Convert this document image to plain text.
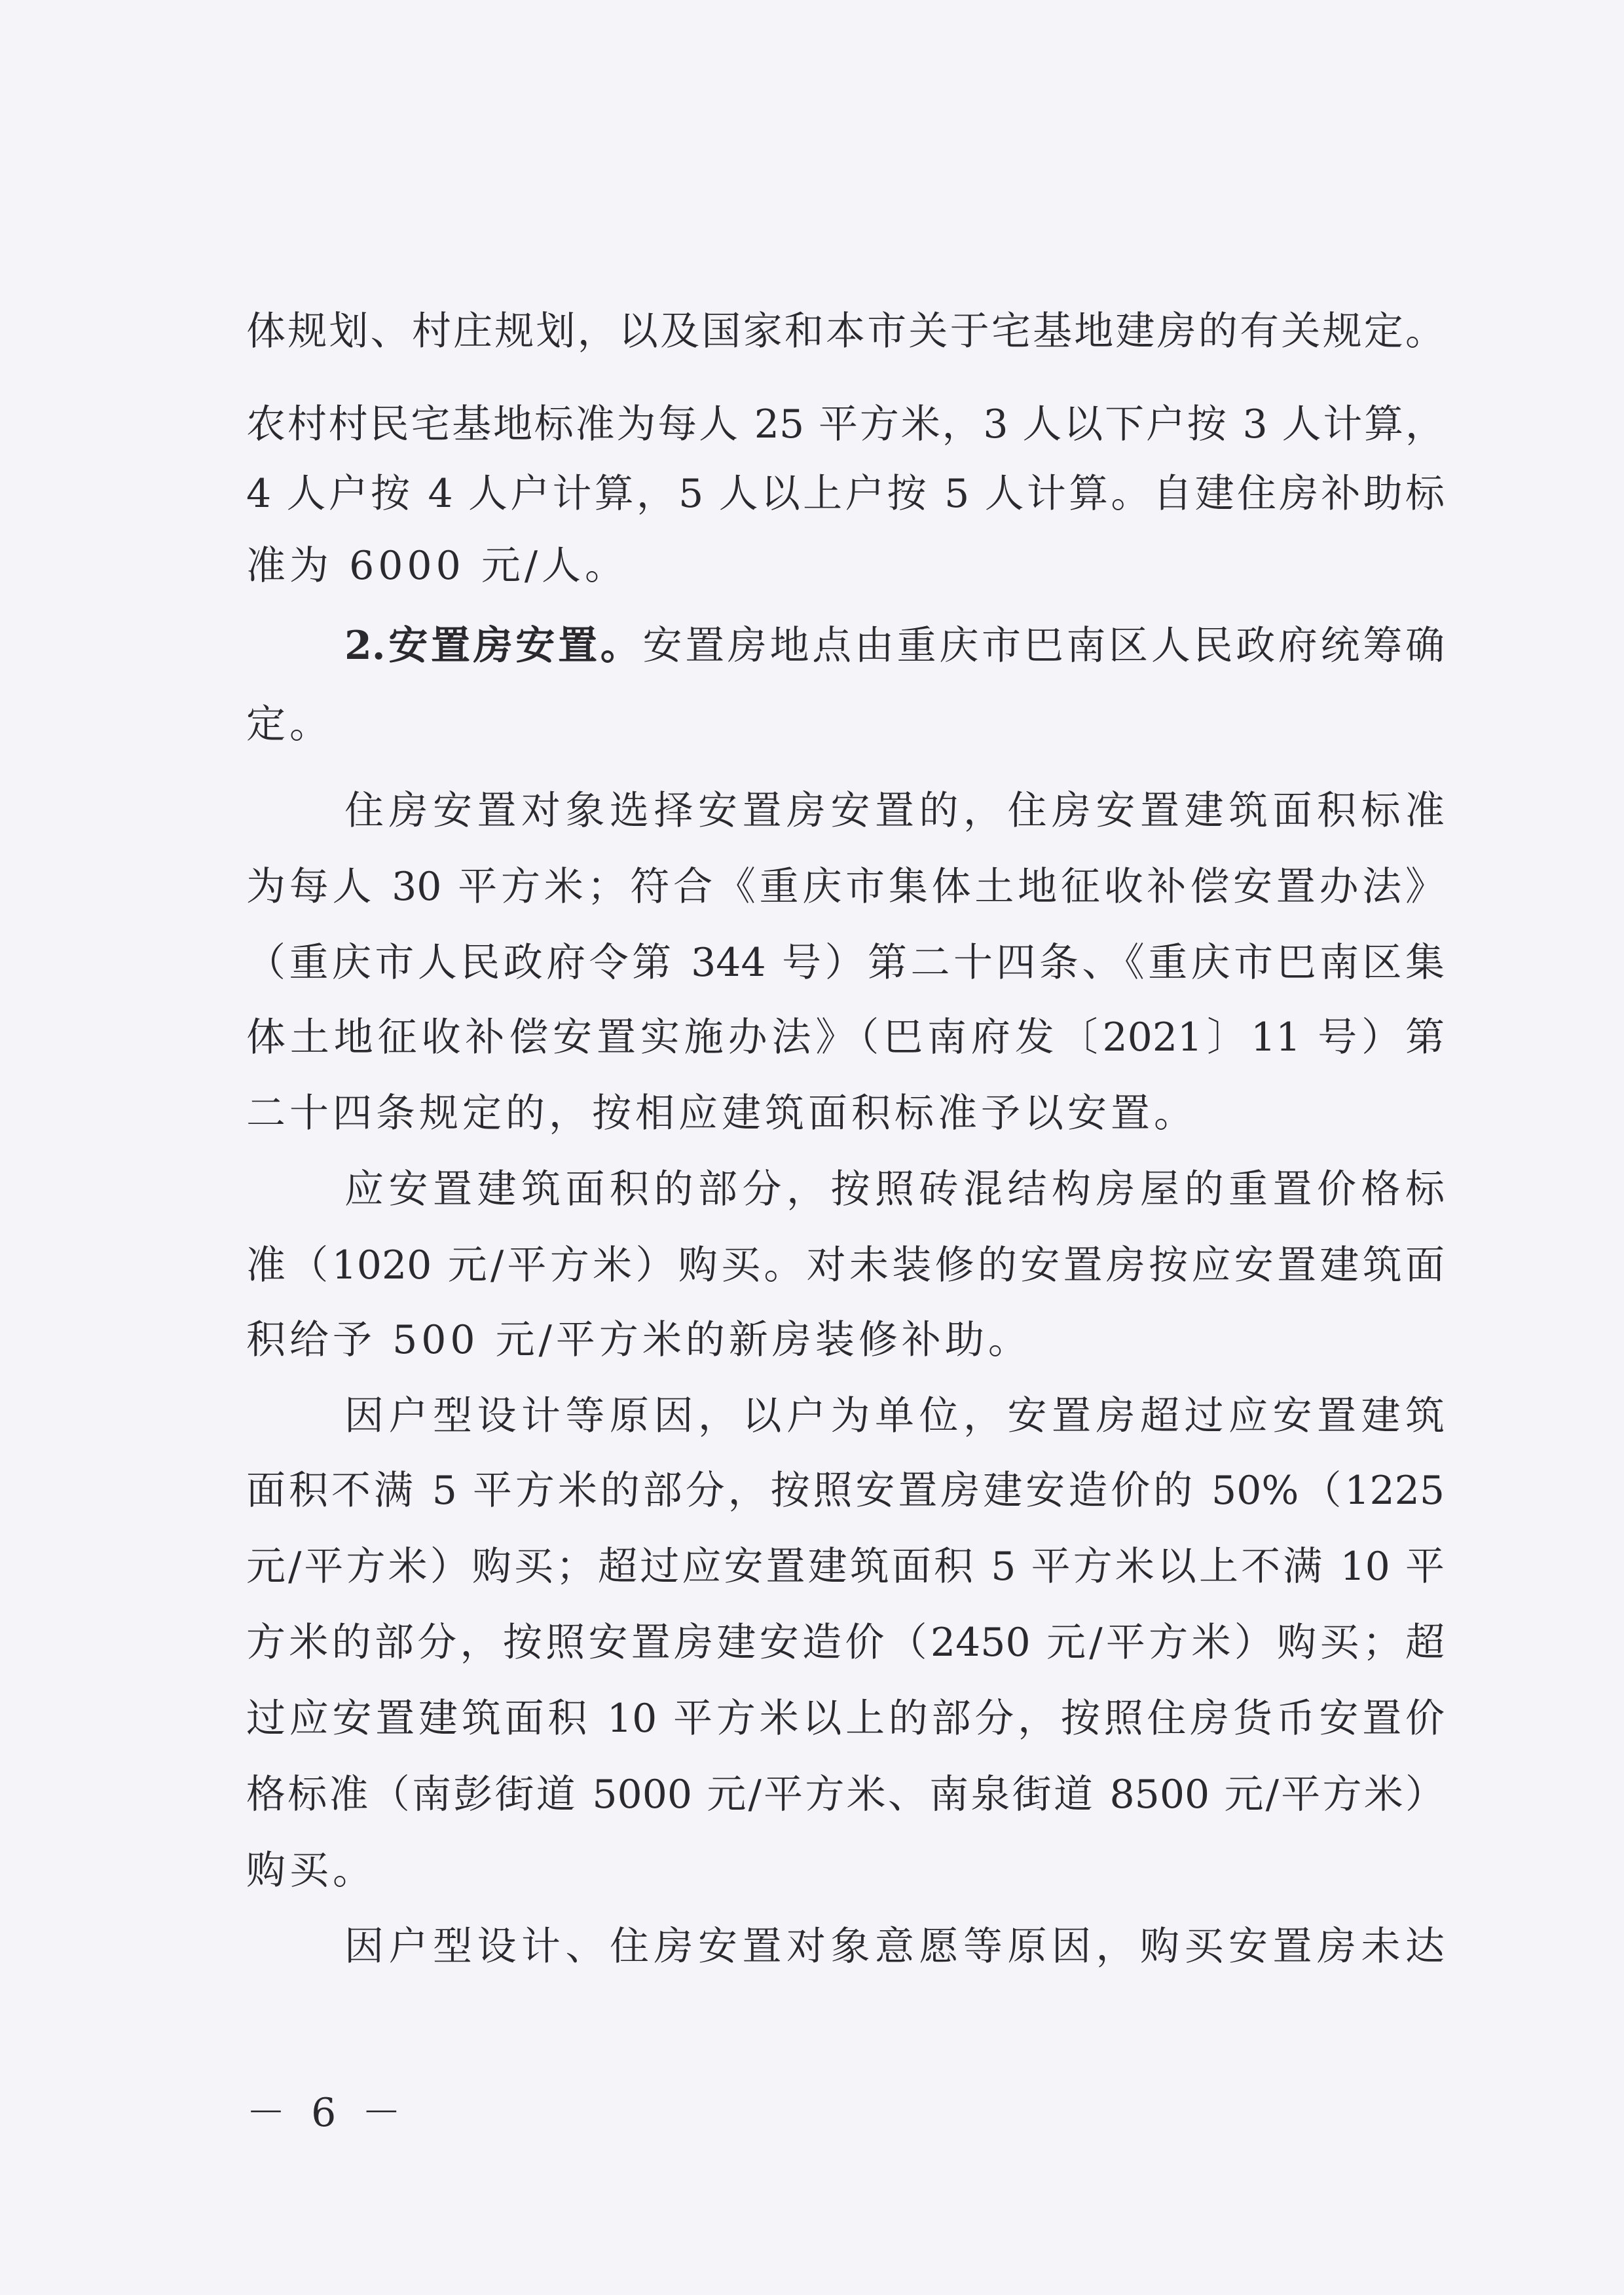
体规划、村庄规划，以及国家和本市关于宅基地建房的有关规定。
农村村民宅基地标准为每人 25 平方米，3 人以下户按 3 人计算，
4 人户按 4 人户计算，5 人以上户按 5 人计算。自建住房补助标
准为 6000 元/人。
2.安置房安置。安置房地点由重庆市巴南区人民政府统筹确
定。
住房安置对象选择安置房安置的，住房安置建筑面积标准
为每人 30 平方米；符合《重庆市集体土地征收补偿安置办法》
（重庆市人民政府令第 344 号）第二十四条、《重庆市巴南区集
体土地征收补偿安置实施办法》（巴南府发〔2021〕11 号）第
二十四条规定的，按相应建筑面积标准予以安置。
应安置建筑面积的部分，按照砖混结构房屋的重置价格标
准（1020 元/平方米）购买。对未装修的安置房按应安置建筑面
积给予 500 元/平方米的新房装修补助。
因户型设计等原因，以户为单位，安置房超过应安置建筑
面积不满 5 平方米的部分，按照安置房建安造价的 50%（1225
元/平方米）购买；超过应安置建筑面积 5 平方米以上不满 10 平
方米的部分，按照安置房建安造价（2450 元/平方米）购买；超
过应安置建筑面积 10 平方米以上的部分，按照住房货币安置价
格标准（南彭街道 5000 元/平方米、南泉街道 8500 元/平方米）
购买。
因户型设计、住房安置对象意愿等原因，购买安置房未达
－ 6 －
